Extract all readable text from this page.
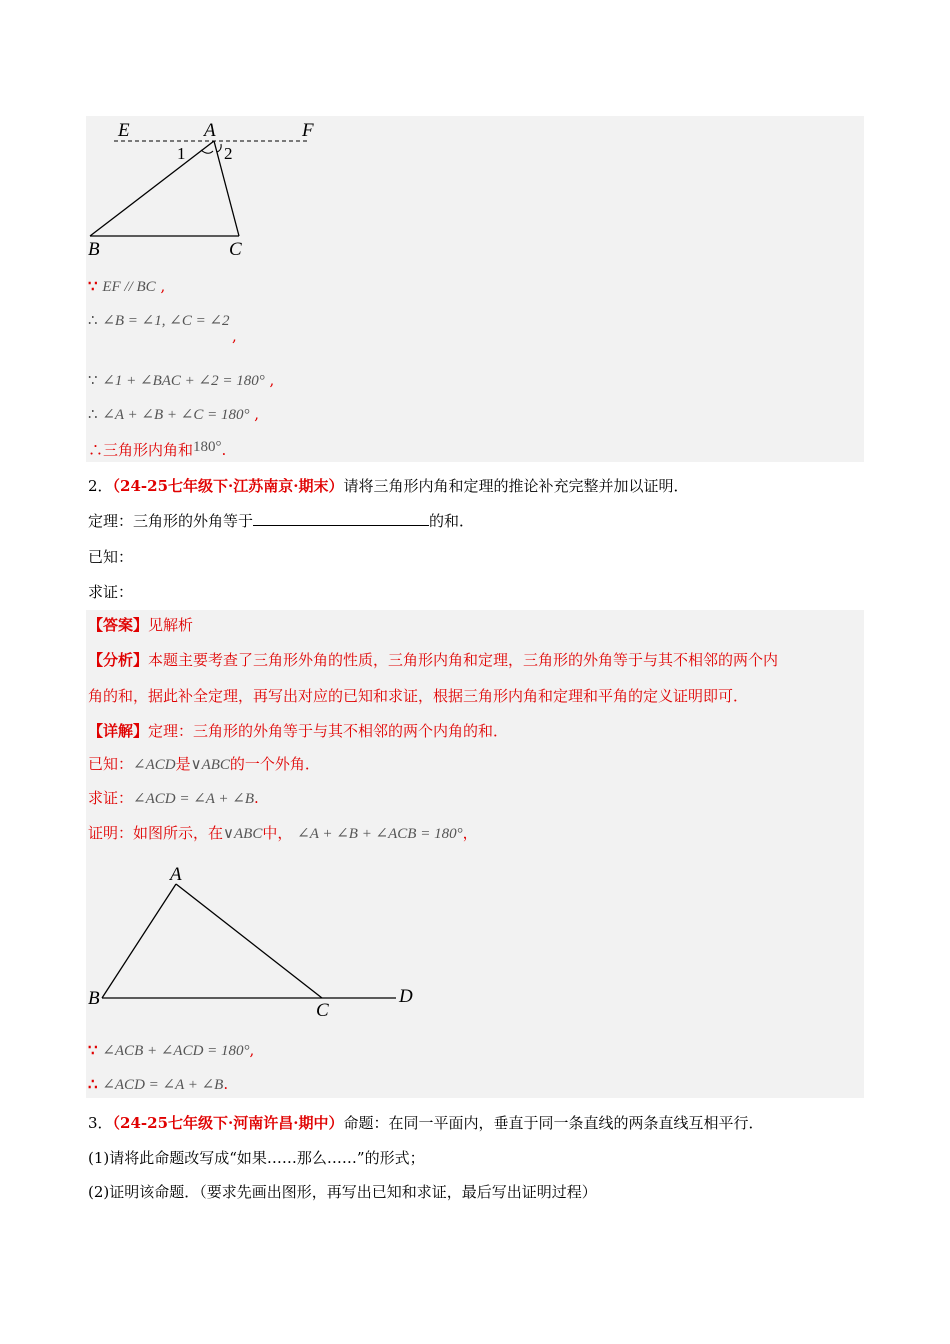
E	A	F
1 2
B	C
∵ EF // BC ,
∴ ∠B = ∠1, ∠C = ∠2
,
∵ ∠1 + ∠BAC + ∠2 = 180° ,
∴ ∠A + ∠B + ∠C = 180° ,
∴三角形内角和180°.
2．（24-25七年级下·江苏南京·期末）请将三角形内角和定理的推论补充完整并加以证明．
定理：三角形的外角等于	的和．
已知：
求证：
【答案】见解析
【分析】本题主要考查了三角形外角的性质，三角形内角和定理，三角形的外角等于与其不相邻的两个内
角的和，据此补全定理，再写出对应的已知和求证，根据三角形内角和定理和平角的定义证明即可．
【详解】定理：三角形的外角等于与其不相邻的两个内角的和．
已知：∠ACD是∨ABC的一个外角．
求证：∠ACD = ∠A + ∠B.
证明：如图所示，在∨ABC中， ∠A + ∠B + ∠ACB = 180°，
A
B
C
D
∵ ∠ACB + ∠ACD = 180°,
∴ ∠ACD = ∠A + ∠B.
3．（24-25七年级下·河南许昌·期中）命题：在同一平面内，垂直于同一条直线的两条直线互相平行．
(1)请将此命题改写成“如果……那么……”的形式；
(2)证明该命题．（要求先画出图形，再写出已知和求证，最后写出证明过程）
